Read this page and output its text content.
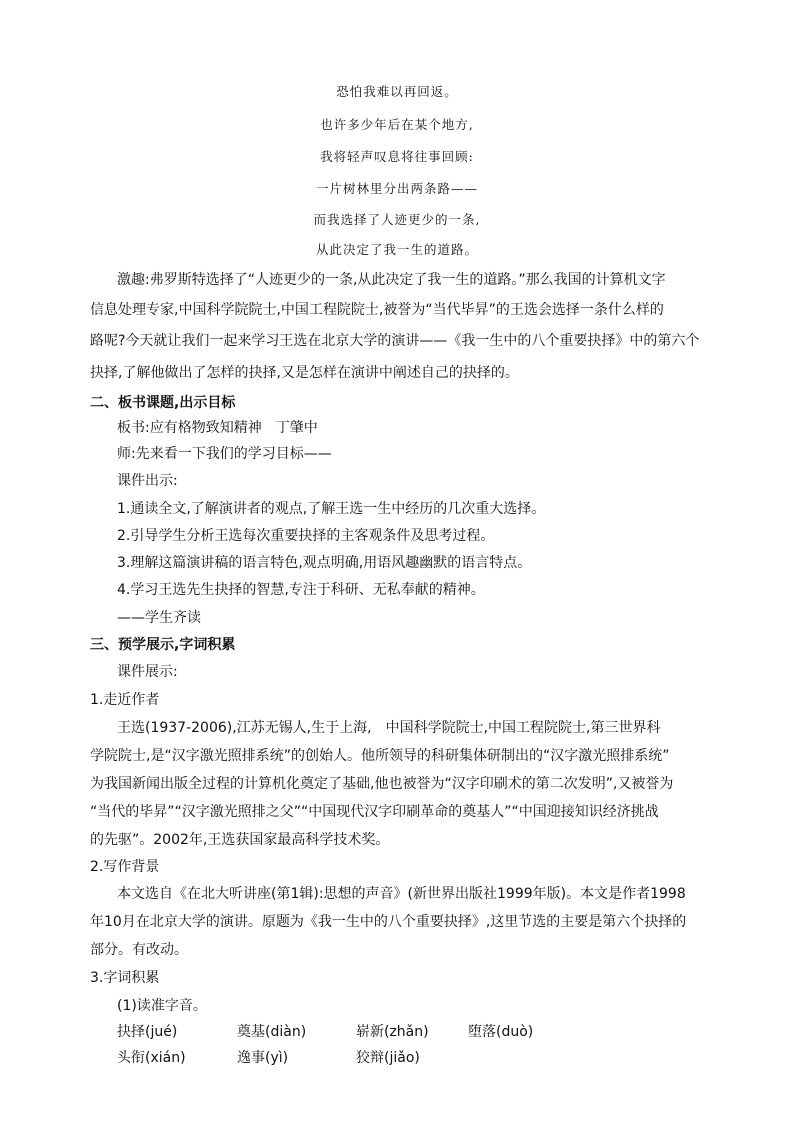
恐怕我难以再回返。
也许多少年后在某个地方,
我将轻声叹息将往事回顾:
一片树林里分出两条路——
而我选择了人迹更少的一条,
从此决定了我一生的道路。
激趣:弗罗斯特选择了“人迹更少的一条,从此决定了我一生的道路。”那么我国的计算机文字
信息处理专家,中国科学院院士,中国工程院院士,被誉为“当代毕昇”的王选会选择一条什么样的
路呢?今天就让我们一起来学习王选在北京大学的演讲——《我一生中的八个重要抉择》中的第六个
抉择,了解他做出了怎样的抉择,又是怎样在演讲中阐述自己的抉择的。
二、板书课题,出示目标
板书:应有格物致知精神　丁肇中
师:先来看一下我们的学习目标——
课件出示:
1.通读全文,了解演讲者的观点,了解王选一生中经历的几次重大选择。
2.引导学生分析王选每次重要抉择的主客观条件及思考过程。
3.理解这篇演讲稿的语言特色,观点明确,用语风趣幽默的语言特点。
4.学习王选先生抉择的智慧,专注于科研、无私奉献的精神。
——学生齐读
三、预学展示,字词积累
课件展示:
1.走近作者
王选(1937-2006),江苏无锡人,生于上海,　中国科学院院士,中国工程院院士,第三世界科
学院院士,是“汉字激光照排系统”的创始人。他所领导的科研集体研制出的“汉字激光照排系统”
为我国新闻出版全过程的计算机化奠定了基础,他也被誉为“汉字印刷术的第二次发明”,又被誉为
“当代的毕昇”“汉字激光照排之父”“中国现代汉字印刷革命的奠基人”“中国迎接知识经济挑战
的先驱”。2002年,王选获国家最高科学技术奖。
2.写作背景
本文选自《在北大听讲座(第1辑):思想的声音》(新世界出版社1999年版)。本文是作者1998
年10月在北京大学的演讲。原题为《我一生中的八个重要抉择》,这里节选的主要是第六个抉择的
部分。有改动。
3.字词积累
(1)读准字音。
抉择(jué)	奠基(diàn)	崭新(zhǎn)	堕落(duò)
头衔(xián)	逸事(yì)	狡辩(jiǎo)
